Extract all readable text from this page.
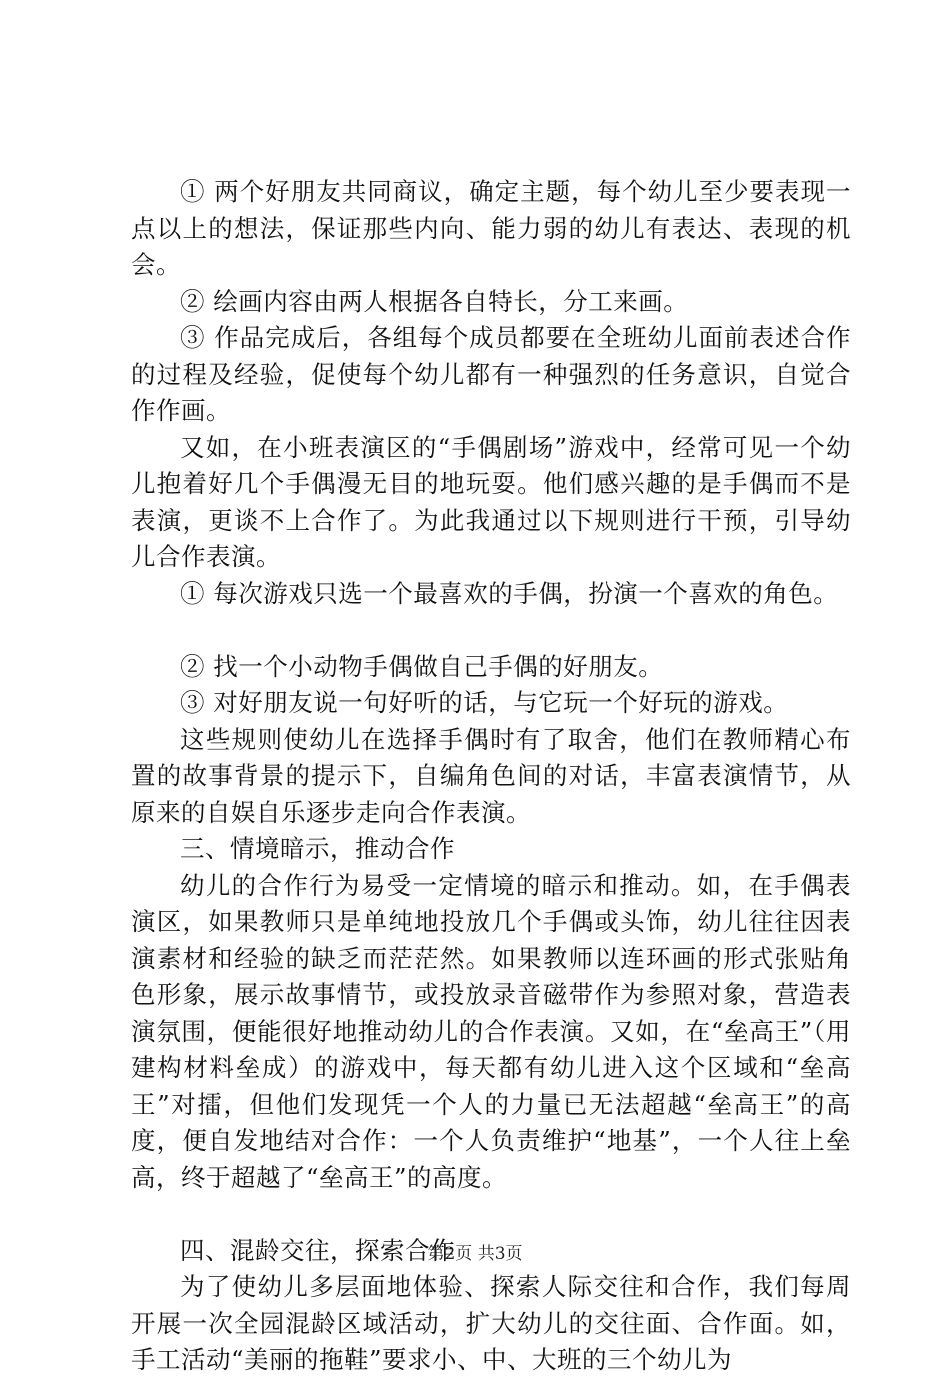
① 两个好朋友共同商议，确定主题，每个幼儿至少要表现一点以上的想法，保证那些内向、能力弱的幼儿有表达、表现的机会。

② 绘画内容由两人根据各自特长，分工来画。

③ 作品完成后，各组每个成员都要在全班幼儿面前表述合作的过程及经验，促使每个幼儿都有一种强烈的任务意识，自觉合作作画。

又如，在小班表演区的“手偶剧场”游戏中，经常可见一个幼儿抱着好几个手偶漫无目的地玩耍。他们感兴趣的是手偶而不是表演，更谈不上合作了。为此我通过以下规则进行干预，引导幼儿合作表演。

① 每次游戏只选一个最喜欢的手偶，扮演一个喜欢的角色。

② 找一个小动物手偶做自己手偶的好朋友。

③ 对好朋友说一句好听的话，与它玩一个好玩的游戏。

这些规则使幼儿在选择手偶时有了取舍，他们在教师精心布置的故事背景的提示下，自编角色间的对话，丰富表演情节，从原来的自娱自乐逐步走向合作表演。

三、情境暗示，推动合作

幼儿的合作行为易受一定情境的暗示和推动。如，在手偶表演区，如果教师只是单纯地投放几个手偶或头饰，幼儿往往因表演素材和经验的缺乏而茫茫然。如果教师以连环画的形式张贴角色形象，展示故事情节，或投放录音磁带作为参照对象，营造表演氛围，便能很好地推动幼儿的合作表演。又如，在“垒高王”（用建构材料垒成）的游戏中，每天都有幼儿进入这个区域和“垒高王”对擂，但他们发现凭一个人的力量已无法超越“垒高王”的高度，便自发地结对合作：一个人负责维护“地基”，一个人往上垒高，终于超越了“垒高王”的高度。

四、混龄交往，探索合作

为了使幼儿多层面地体验、探索人际交往和合作，我们每周开展一次全园混龄区域活动，扩大幼儿的交往面、合作面。如，手工活动“美丽的拖鞋”要求小、中、大班的三个幼儿为

第2页 共3页
